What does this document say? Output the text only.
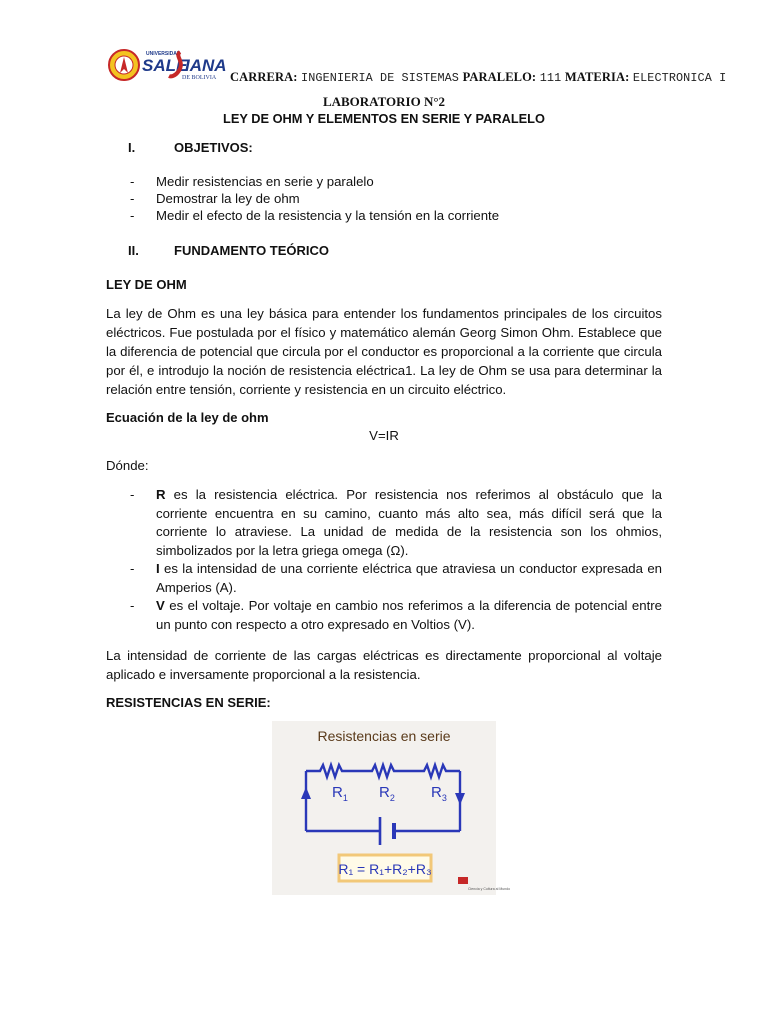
UNIVERSIDAD
SALE
IANA
DE BOLIVIA CARRERA: INGENIERIA DE SISTEMAS PARALELO: 111 MATERIA: ELECTRONICA I
LABORATORIO N°2
LEY DE OHM Y ELEMENTOS EN SERIE Y PARALELO
I.	OBJETIVOS:
- Medir resistencias en serie y paralelo
- Demostrar la ley de ohm
- Medir el efecto de la resistencia y la tensión en la corriente
II.	FUNDAMENTO TEÓRICO
LEY DE OHM
La ley de Ohm es una ley básica para entender los fundamentos principales de los circuitos eléctricos. Fue postulada por el físico y matemático alemán Georg Simon Ohm. Establece que la diferencia de potencial que circula por el conductor es proporcional a la corriente que circula por él, e introdujo la noción de resistencia eléctrica1. La ley de Ohm se usa para determinar la relación entre tensión, corriente y resistencia en un circuito eléctrico.
Ecuación de la ley de ohm
V=IR
Dónde:
- R es la resistencia eléctrica. Por resistencia nos referimos al obstáculo que la corriente encuentra en su camino, cuanto más alto sea, más difícil será que la corriente lo atraviese. La unidad de medida de la resistencia son los ohmios, simbolizados por la letra griega omega (Ω).
- I es la intensidad de una corriente eléctrica que atraviesa un conductor expresada en Amperios (A).
- V es el voltaje. Por voltaje en cambio nos referimos a la diferencia de potencial entre un punto con respecto a otro expresado en Voltios (V).
La intensidad de corriente de las cargas eléctricas es directamente proporcional al voltaje aplicado e inversamente proporcional a la resistencia.
RESISTENCIAS EN SERIE:
Resistencias en serie
$R_1$ $R_2$ $R_3$
R₁ = R₁+R₂+R₃
Ciencia y Cultura al Mundo
